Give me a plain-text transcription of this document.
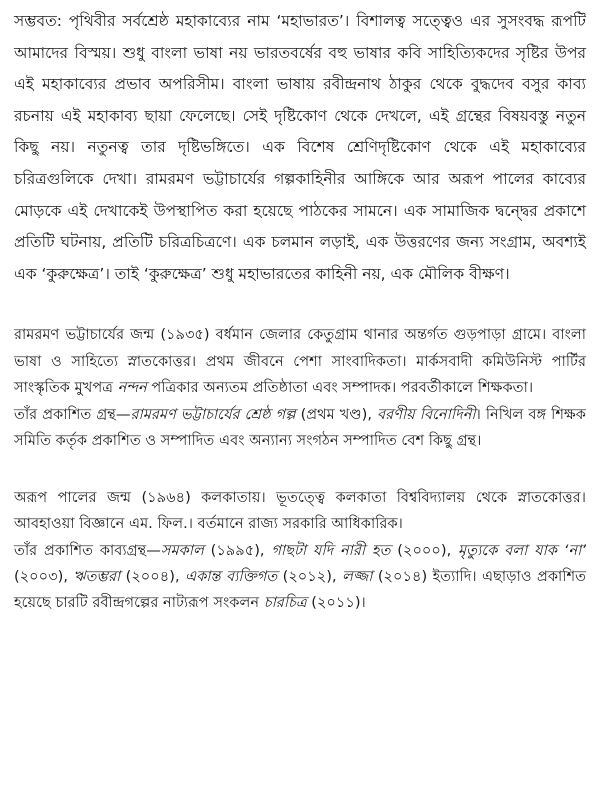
সম্ভবত: পৃথিবীর সর্বশ্রেষ্ঠ মহাকাব্যের নাম ‘মহাভারত’। বিশালত্ব সত্ত্বেও এর সুসংবদ্ধ রূপটি আমাদের বিস্ময়। শুধু বাংলা ভাষা নয় ভারতবর্ষের বহু ভাষার কবি সাহিত্যিকদের সৃষ্টির উপর এই মহাকাব্যের প্রভাব অপরিসীম। বাংলা ভাষায় রবীন্দ্রনাথ ঠাকুর থেকে বুদ্ধদেব বসুর কাব্য রচনায় এই মহাকাব্য ছায়া ফেলেছে। সেই দৃষ্টিকোণ থেকে দেখলে, এই গ্রন্থের বিষয়বস্তু নতুন কিছু নয়। নতুনত্ব তার দৃষ্টিভঙ্গিতে। এক বিশেষ শ্রেণিদৃষ্টিকোণ থেকে এই মহাকাব্যের চরিত্রগুলিকে দেখা। রামরমণ ভট্টাচার্যের গল্পকাহিনীর আঙ্গিকে আর অরূপ পালের কাব্যের মোড়কে এই দেখাকেই উপস্থাপিত করা হয়েছে পাঠকের সামনে। এক সামাজিক দ্বন্দ্বের প্রকাশে প্রতিটি ঘটনায়, প্রতিটি চরিত্রচিত্রণে। এক চলমান লড়াই, এক উত্তরণের জন্য সংগ্রাম, অবশ্যই এক ‘কুরুক্ষেত্র’। তাই ‘কুরুক্ষেত্র’ শুধু মহাভারতের কাহিনী নয়, এক মৌলিক বীক্ষণ।

রামরমণ ভট্টাচার্যের জন্ম (১৯৩৫) বর্ধমান জেলার কেতুগ্রাম থানার অন্তর্গত গুড়পাড়া গ্রামে। বাংলা ভাষা ও সাহিত্যে স্নাতকোত্তর। প্রথম জীবনে পেশা সাংবাদিকতা। মার্কসবাদী কমিউনিস্ট পার্টির সাংস্কৃতিক মুখপত্র নন্দন পত্রিকার অন্যতম প্রতিষ্ঠাতা এবং সম্পাদক। পরবর্তীকালে শিক্ষকতা।

তাঁর প্রকাশিত গ্রন্থ—রামরমণ ভট্টাচার্যের শ্রেষ্ঠ গল্প (প্রথম খণ্ড), বরণীয় বিনোদিনী। নিখিল বঙ্গ শিক্ষক সমিতি কর্তৃক প্রকাশিত ও সম্পাদিত এবং অন্যান্য সংগঠন সম্পাদিত বেশ কিছু গ্রন্থ।

অরূপ পালের জন্ম (১৯৬৪) কলকাতায়। ভূতত্ত্বে কলকাতা বিশ্ববিদ্যালয় থেকে স্নাতকোত্তর। আবহাওয়া বিজ্ঞানে এম. ফিল.। বর্তমানে রাজ্য সরকারি আধিকারিক।

তাঁর প্রকাশিত কাব্যগ্রন্থ—সমকাল (১৯৯৫), গাছটা যদি নারী হত (২০০০), মৃত্যুকে বলা যাক ‘না’ (২০০৩), ঋতম্ভরা (২০০৪), একান্ত ব্যক্তিগত (২০১২), লজ্জা (২০১৪) ইত্যাদি। এছাড়াও প্রকাশিত হয়েছে চারটি রবীন্দ্রগল্পের নাট্যরূপ সংকলন চারচিত্র (২০১১)।
